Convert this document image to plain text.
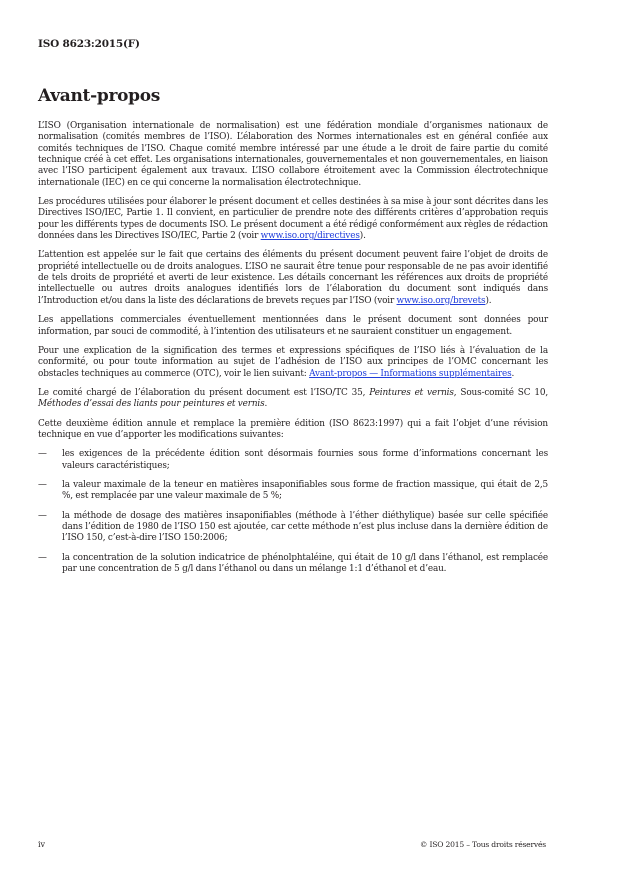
ISO 8623:2015(F)
Avant-propos

L’ISO (Organisation internationale de normalisation) est une fédération mondiale d’organismes nationaux de normalisation (comités membres de l’ISO). L’élaboration des Normes internationales est en général confiée aux comités techniques de l’ISO. Chaque comité membre intéressé par une étude a le droit de faire partie du comité technique créé à cet effet. Les organisations internationales, gouvernementales et non gouvernementales, en liaison avec l’ISO participent également aux travaux. L’ISO collabore étroitement avec la Commission électrotechnique internationale (IEC) en ce qui concerne la normalisation électrotechnique.

Les procédures utilisées pour élaborer le présent document et celles destinées à sa mise à jour sont décrites dans les Directives ISO/IEC, Partie 1. Il convient, en particulier de prendre note des différents critères d’approbation requis pour les différents types de documents ISO. Le présent document a été rédigé conformément aux règles de rédaction données dans les Directives ISO/IEC, Partie 2 (voir www.iso.org/directives).

L’attention est appelée sur le fait que certains des éléments du présent document peuvent faire l’objet de droits de propriété intellectuelle ou de droits analogues. L’ISO ne saurait être tenue pour responsable de ne pas avoir identifié de tels droits de propriété et averti de leur existence. Les détails concernant les références aux droits de propriété intellectuelle ou autres droits analogues identifiés lors de l’élaboration du document sont indiqués dans l’Introduction et/ou dans la liste des déclarations de brevets reçues par l’ISO (voir www.iso.org/brevets).

Les appellations commerciales éventuellement mentionnées dans le présent document sont données pour information, par souci de commodité, à l’intention des utilisateurs et ne sauraient constituer un engagement.

Pour une explication de la signification des termes et expressions spécifiques de l’ISO liés à l’évaluation de la conformité, ou pour toute information au sujet de l’adhésion de l’ISO aux principes de l’OMC concernant les obstacles techniques au commerce (OTC), voir le lien suivant: Avant-propos — Informations supplémentaires.

Le comité chargé de l’élaboration du présent document est l’ISO/TC 35, Peintures et vernis, Sous-comité SC 10, Méthodes d’essai des liants pour peintures et vernis.

Cette deuxième édition annule et remplace la première édition (ISO 8623:1997) qui a fait l’objet d’une révision technique en vue d’apporter les modifications suivantes:

— les exigences de la précédente édition sont désormais fournies sous forme d’informations concernant les valeurs caractéristiques;
— la valeur maximale de la teneur en matières insaponifiables sous forme de fraction massique, qui était de 2,5 %, est remplacée par une valeur maximale de 5 %;
— la méthode de dosage des matières insaponifiables (méthode à l’éther diéthylique) basée sur celle spécifiée dans l’édition de 1980 de l’ISO 150 est ajoutée, car cette méthode n’est plus incluse dans la dernière édition de l’ISO 150, c’est-à-dire l’ISO 150:2006;
— la concentration de la solution indicatrice de phénolphtaléine, qui était de 10 g/l dans l’éthanol, est remplacée par une concentration de 5 g/l dans l’éthanol ou dans un mélange 1:1 d’éthanol et d’eau.
iv	© ISO 2015 – Tous droits réservés
